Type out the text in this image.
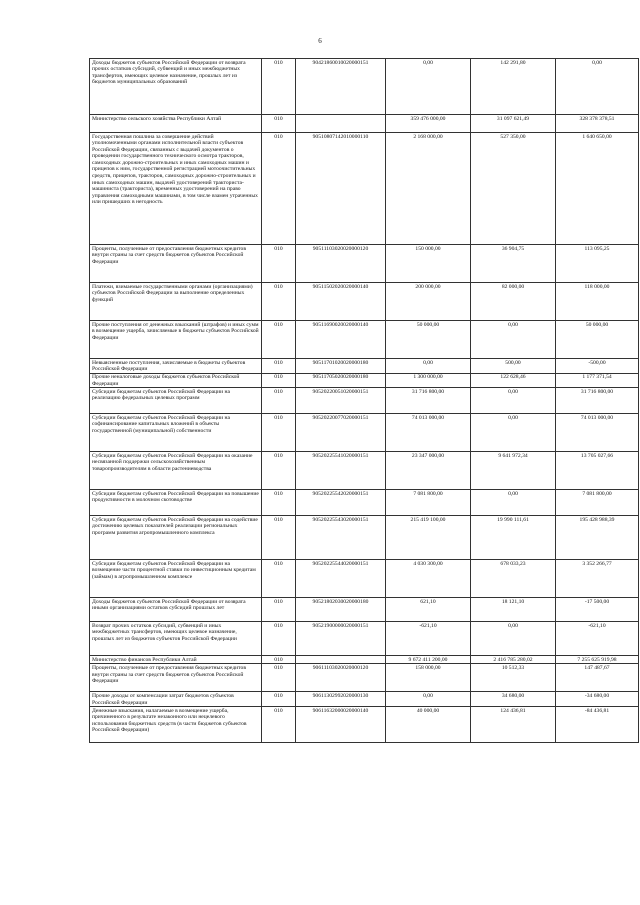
6
Доходы бюджетов субъектов Российской Федерации от возврата прочих остатков субсидий, субвенций и иных межбюджетных трансфертов, имеющих целевое назначение, прошлых лет из бюджетов муниципальных образований	010	90421860010020000151	0,00	142 291,80	0,00
Министерство сельского хозяйства Республики Алтай	010		359 476 000,00	31 097 621,49	328 378 378,51
Государственная пошлина за совершение действий уполномоченными органами исполнительной власти субъектов Российской Федерации, связанных с выдачей документов о проведении государственного технического осмотра тракторов, самоходных дорожно-строительных и иных самоходных машин и прицепов к ним, государственной регистрацией мотоочистительных средств, прицепов, тракторов, самоходных дорожно-строительных и иных самоходных машин, выдачей удостоверений тракториста-машиниста (тракториста), временных удостоверений на право управления самоходными машинами, в том числе взамен утраченных или пришедших в негодность	010	90510807142010000110	2 168 000,00	527 350,00	1 640 650,00
Проценты, полученные от предоставления бюджетных кредитов внутри страны за счет средств бюджетов субъектов Российской Федерации	010	90511103020020000120	150 000,00	36 904,75	113 095,25
Платежи, взимаемые государственными органами (организациями) субъектов Российской Федерации за выполнение определенных функций	010	90511502020020000140	200 000,00	82 000,00	118 000,00
Прочие поступления от денежных взысканий (штрафов) и иных сумм в возмещение ущерба, зачисляемые в бюджеты субъектов Российской Федерации	010	90511690020020000140	50 000,00	0,00	50 000,00
Невыясненные поступления, зачисляемые в бюджеты субъектов Российской Федерации	010	90511701020020000180	0,00	500,00	-500,00
Прочие неналоговые доходы бюджетов субъектов Российской Федерации	010	90511705020020000180	1 300 000,00	122 628,46	1 177 371,54
Субсидии бюджетам субъектов Российской Федерации на реализацию федеральных целевых программ	010	90520220051020000151	31 716 800,00	0,00	31 716 800,00
Субсидии бюджетам субъектов Российской Федерации на софинансирование капитальных вложений в объекты государственной (муниципальной) собственности	010	90520220077020000151	74 013 000,00	0,00	74 013 000,00
Субсидии бюджетам субъектов Российской Федерации на оказание несвязанной поддержки сельскохозяйственным товаропроизводителям в области растениеводства	010	90520225541020000151	23 347 000,00	9 641 972,34	13 705 027,66
Субсидии бюджетам субъектов Российской Федерации на повышение продуктивности в молочном скотоводстве	010	90520225542020000151	7 081 800,00	0,00	7 081 800,00
Субсидии бюджетам субъектов Российской Федерации на содействие достижению целевых показателей реализации региональных программ развития агропромышленного комплекса	010	90520225543020000151	215 419 100,00	19 990 111,61	195 428 988,39
Субсидии бюджетам субъектов Российской Федерации на возмещение части процентной ставки по инвестиционным кредитам (займам) в агропромышленном комплексе	010	90520225544020000151	4 030 300,00	678 033,23	3 352 266,77
Доходы бюджетов субъектов Российской Федерации от возврата иными организациями остатков субсидий прошлых лет	010	90521802030020000180	621,10	18 121,10	-17 500,00
Возврат прочих остатков субсидий, субвенций и иных межбюджетных трансфертов, имеющих целевое назначение, прошлых лет из бюджетов субъектов Российской Федерации	010	90521900000020000151	-621,10	0,00	-621,10
Министерство финансов Республики Алтай	010		9 672 411 200,00	2 416 785 280,02	7 255 625 919,98
Проценты, полученные от предоставления бюджетных кредитов внутри страны за счет средств бюджетов субъектов Российской Федерации	010	90611103020020000120	158 000,00	10 512,33	147 487,67
Прочие доходы от компенсации затрат бюджетов субъектов Российской Федерации	010	90611302992020000130	0,00	34 680,00	-34 680,00
Денежные взыскания, налагаемые в возмещение ущерба, причиненного в результате незаконного или нецелевого использования бюджетных средств (в части бюджетов субъектов Российской Федерации)	010	90611632000020000140	40 000,00	124 436,81	-84 436,81
